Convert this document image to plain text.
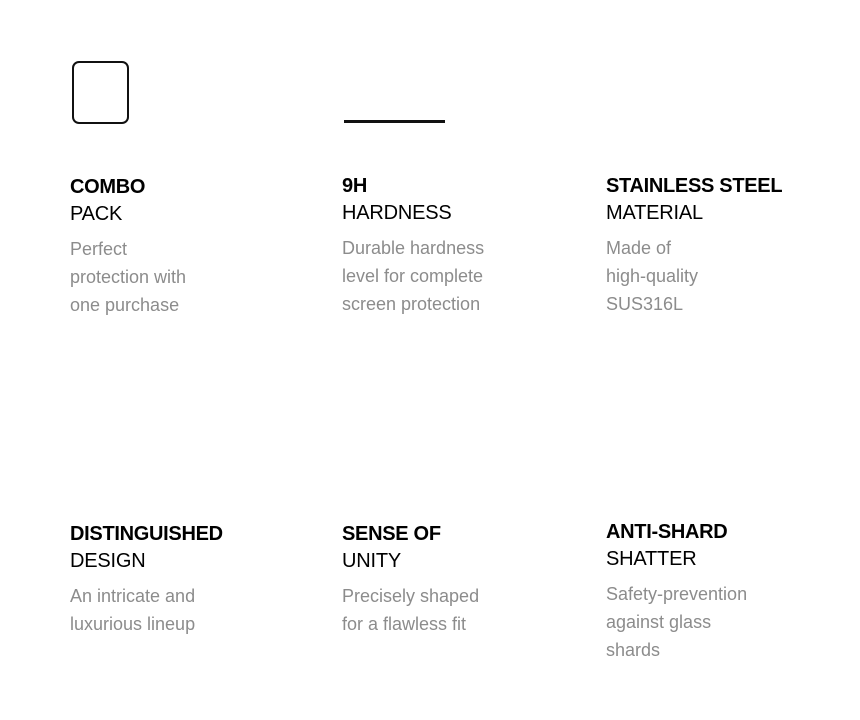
COMBO
PACK
Perfect
protection with
one purchase
9H
HARDNESS
Durable hardness
level for complete
screen protection
STAINLESS STEEL
MATERIAL
Made of
high-quality
SUS316L
DISTINGUISHED
DESIGN
An intricate and
luxurious lineup
SENSE OF
UNITY
Precisely shaped
for a flawless fit
ANTI-SHARD
SHATTER
Safety-prevention
against glass
shards
